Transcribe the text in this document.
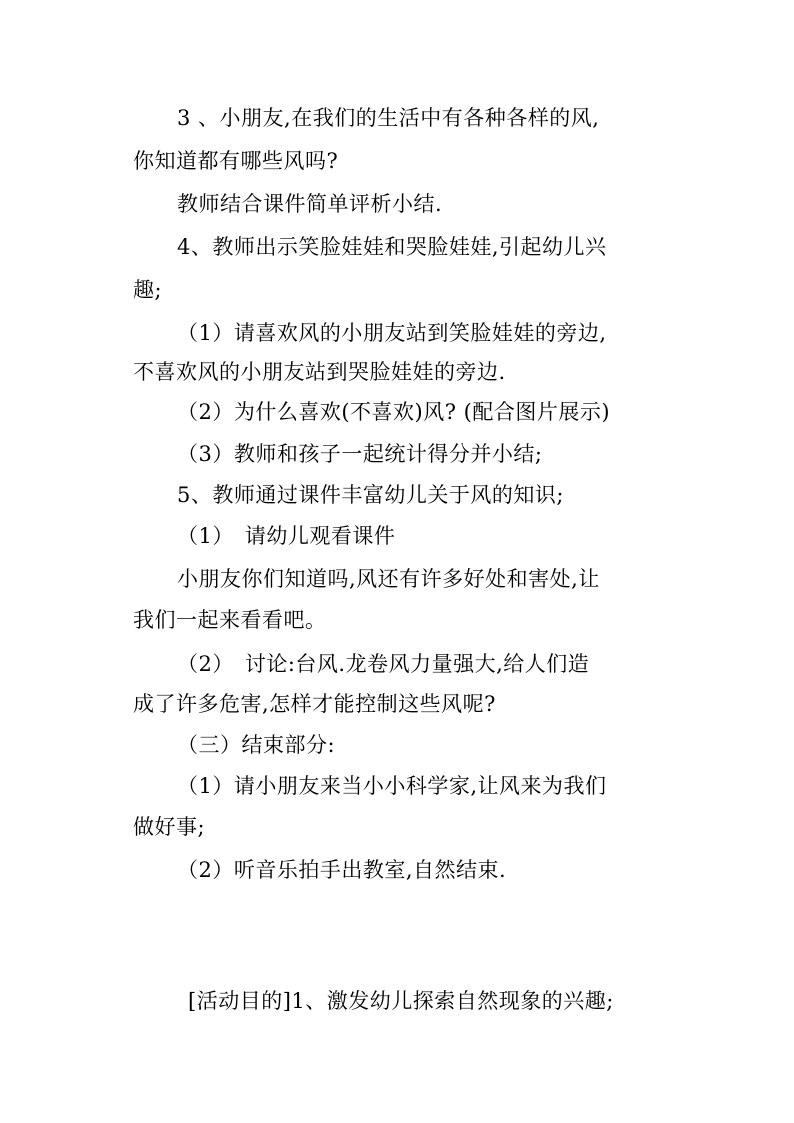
3 、小朋友,在我们的生活中有各种各样的风,
你知道都有哪些风吗?
教师结合课件简单评析小结.
4、教师出示笑脸娃娃和哭脸娃娃,引起幼儿兴
趣;
（1）请喜欢风的小朋友站到笑脸娃娃的旁边,
不喜欢风的小朋友站到哭脸娃娃的旁边.
（2）为什么喜欢(不喜欢)风? (配合图片展示)
（3）教师和孩子一起统计得分并小结;
5、教师通过课件丰富幼儿关于风的知识;
（1）　请幼儿观看课件
小朋友你们知道吗,风还有许多好处和害处,让
我们一起来看看吧。
（2）　讨论:台风.龙卷风力量强大,给人们造
成了许多危害,怎样才能控制这些风呢?
（三）结束部分:
（1）请小朋友来当小小科学家,让风来为我们
做好事;
（2）听音乐拍手出教室,自然结束.
[活动目的]1、激发幼儿探索自然现象的兴趣;
